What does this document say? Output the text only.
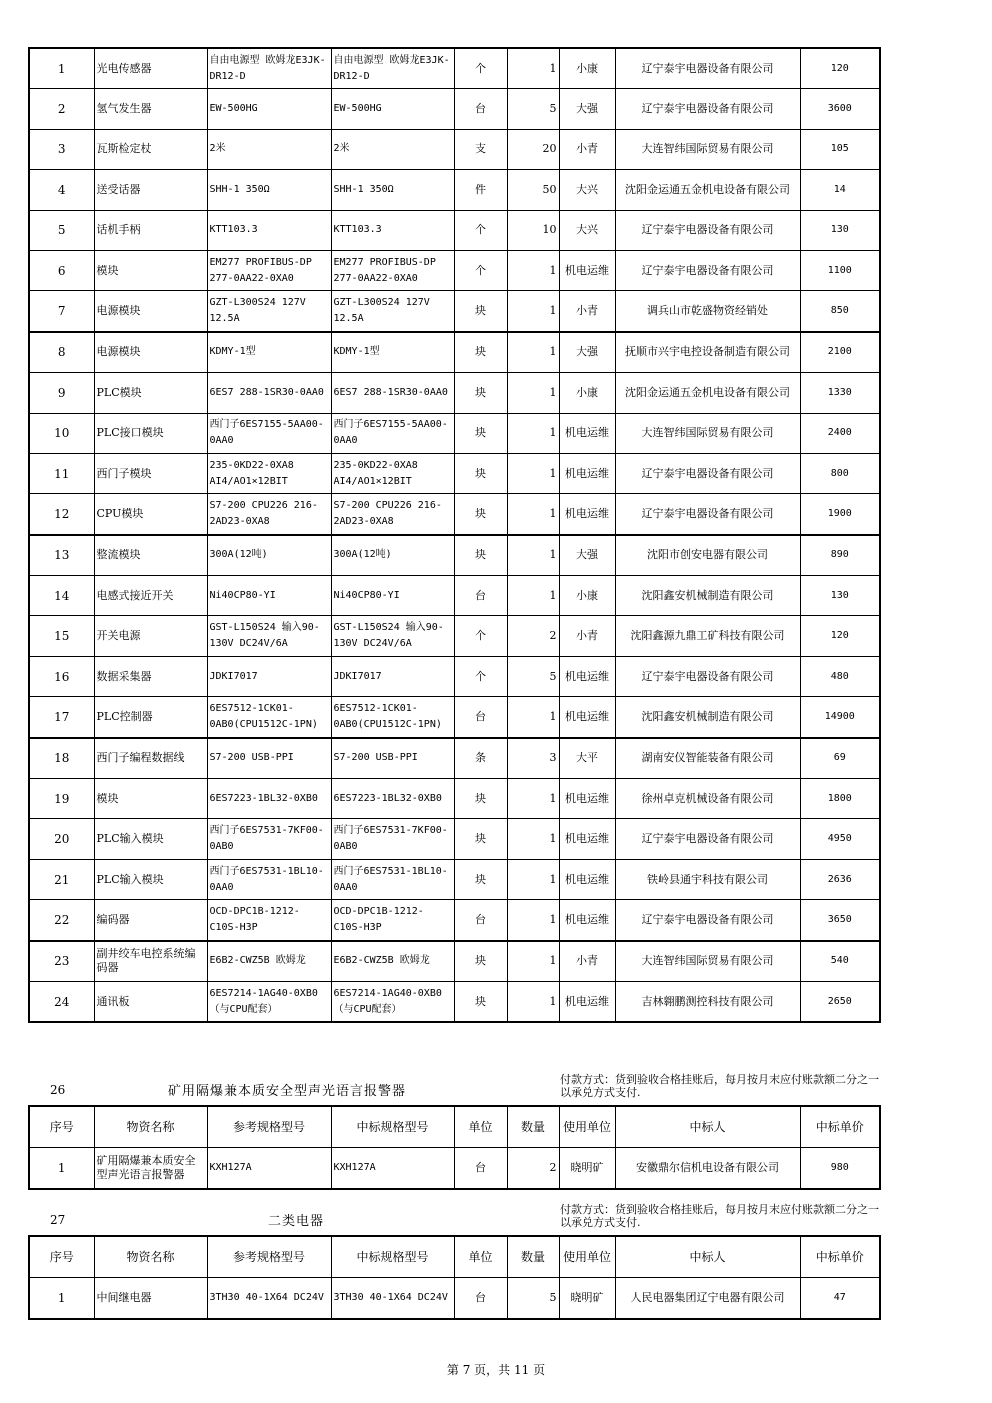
1	光电传感器	自由电源型 欧姆龙E3JK-DR12-D	自由电源型 欧姆龙E3JK-DR12-D	个	1	小康	辽宁泰宇电器设备有限公司	120
2	氢气发生器	EW-500HG	EW-500HG	台	5	大强	辽宁泰宇电器设备有限公司	3600
3	瓦斯检定杖	2米	2米	支	20	小青	大连智纬国际贸易有限公司	105
4	送受话器	SHH-1 350Ω	SHH-1 350Ω	件	50	大兴	沈阳金运通五金机电设备有限公司	14
5	话机手柄	KTT103.3	KTT103.3	个	10	大兴	辽宁泰宇电器设备有限公司	130
6	模块	EM277 PROFIBUS-DP 277-0AA22-0XA0	EM277 PROFIBUS-DP 277-0AA22-0XA0	个	1	机电运维	辽宁泰宇电器设备有限公司	1100
7	电源模块	GZT-L300S24 127V 12.5A	GZT-L300S24 127V 12.5A	块	1	小青	调兵山市乾盛物资经销处	850
8	电源模块	KDMY-1型	KDMY-1型	块	1	大强	抚顺市兴宇电控设备制造有限公司	2100
9	PLC模块	6ES7 288-1SR30-0AA0	6ES7 288-1SR30-0AA0	块	1	小康	沈阳金运通五金机电设备有限公司	1330
10	PLC接口模块	西门子6ES7155-5AA00-0AA0	西门子6ES7155-5AA00-0AA0	块	1	机电运维	大连智纬国际贸易有限公司	2400
11	西门子模块	235-0KD22-0XA8 AI4/AO1×12BIT	235-0KD22-0XA8 AI4/AO1×12BIT	块	1	机电运维	辽宁泰宇电器设备有限公司	800
12	CPU模块	S7-200 CPU226 216-2AD23-0XA8	S7-200 CPU226 216-2AD23-0XA8	块	1	机电运维	辽宁泰宇电器设备有限公司	1900
13	整流模块	300A(12吨)	300A(12吨)	块	1	大强	沈阳市创安电器有限公司	890
14	电感式接近开关	Ni40CP80-YI	Ni40CP80-YI	台	1	小康	沈阳鑫安机械制造有限公司	130
15	开关电源	GST-L150S24 输入90-130V DC24V/6A	GST-L150S24 输入90-130V DC24V/6A	个	2	小青	沈阳鑫源九鼎工矿科技有限公司	120
16	数据采集器	JDKI7017	JDKI7017	个	5	机电运维	辽宁泰宇电器设备有限公司	480
17	PLC控制器	6ES7512-1CK01-0AB0(CPU1512C-1PN)	6ES7512-1CK01-0AB0(CPU1512C-1PN)	台	1	机电运维	沈阳鑫安机械制造有限公司	14900
18	西门子编程数据线	S7-200 USB-PPI	S7-200 USB-PPI	条	3	大平	湖南安仪智能装备有限公司	69
19	模块	6ES7223-1BL32-0XB0	6ES7223-1BL32-0XB0	块	1	机电运维	徐州卓克机械设备有限公司	1800
20	PLC输入模块	西门子6ES7531-7KF00-0AB0	西门子6ES7531-7KF00-0AB0	块	1	机电运维	辽宁泰宇电器设备有限公司	4950
21	PLC输入模块	西门子6ES7531-1BL10-0AA0	西门子6ES7531-1BL10-0AA0	块	1	机电运维	铁岭县通宇科技有限公司	2636
22	编码器	OCD-DPC1B-1212-C10S-H3P	OCD-DPC1B-1212-C10S-H3P	台	1	机电运维	辽宁泰宇电器设备有限公司	3650
23	副井绞车电控系统编码器	E6B2-CWZ5B 欧姆龙	E6B2-CWZ5B 欧姆龙	块	1	小青	大连智纬国际贸易有限公司	540
24	通讯板	6ES7214-1AG40-0XB0（与CPU配套）	6ES7214-1AG40-0XB0（与CPU配套）	块	1	机电运维	吉林翱鹏测控科技有限公司	2650
26	矿用隔爆兼本质安全型声光语言报警器
付款方式：货到验收合格挂账后，每月按月末应付账款额二分之一以承兑方式支付.
序号	物资名称	参考规格型号	中标规格型号	单位	数量	使用单位	中标人	中标单价
1	矿用隔爆兼本质安全型声光语言报警器	KXH127A	KXH127A	台	2	晓明矿	安徽鼎尔信机电设备有限公司	980
27	二类电器
付款方式：货到验收合格挂账后，每月按月末应付账款额二分之一以承兑方式支付.
序号	物资名称	参考规格型号	中标规格型号	单位	数量	使用单位	中标人	中标单价
1	中间继电器	3TH30 40-1X64 DC24V	3TH30 40-1X64 DC24V	台	5	晓明矿	人民电器集团辽宁电器有限公司	47
第 7 页，共 11 页
